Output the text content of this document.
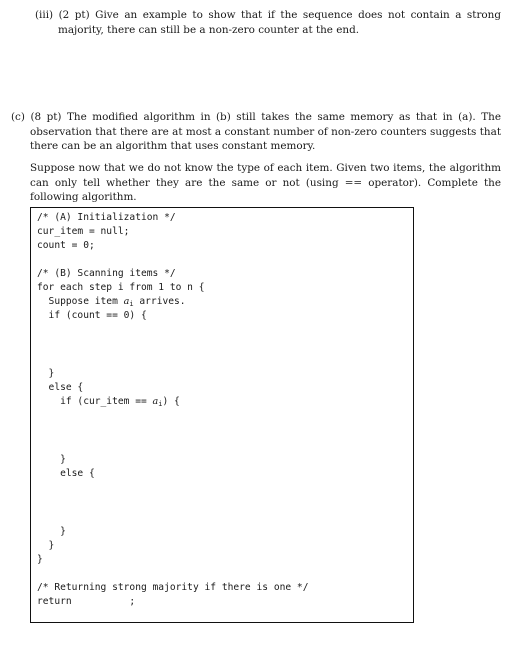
(iii) (2 pt) Give an example to show that if the sequence does not contain a strong majority, there can still be a non-zero counter at the end.

(c) (8 pt) The modified algorithm in (b) still takes the same memory as that in (a). The observation that there are at most a constant number of non-zero counters suggests that there can be an algorithm that uses constant memory.

Suppose now that we do not know the type of each item. Given two items, the algorithm can only tell whether they are the same or not (using == operator). Complete the following algorithm.

/* (A) Initialization */
cur_item = null;
count = 0;
/* (B) Scanning items */
for each step i from 1 to n {
Suppose item $a_i$ arrives.
if (count == 0) {
}
else {
if (cur_item == $a_i$) {
}
else {
}
}
}
/* Returning strong majority if there is one */
return          ;
